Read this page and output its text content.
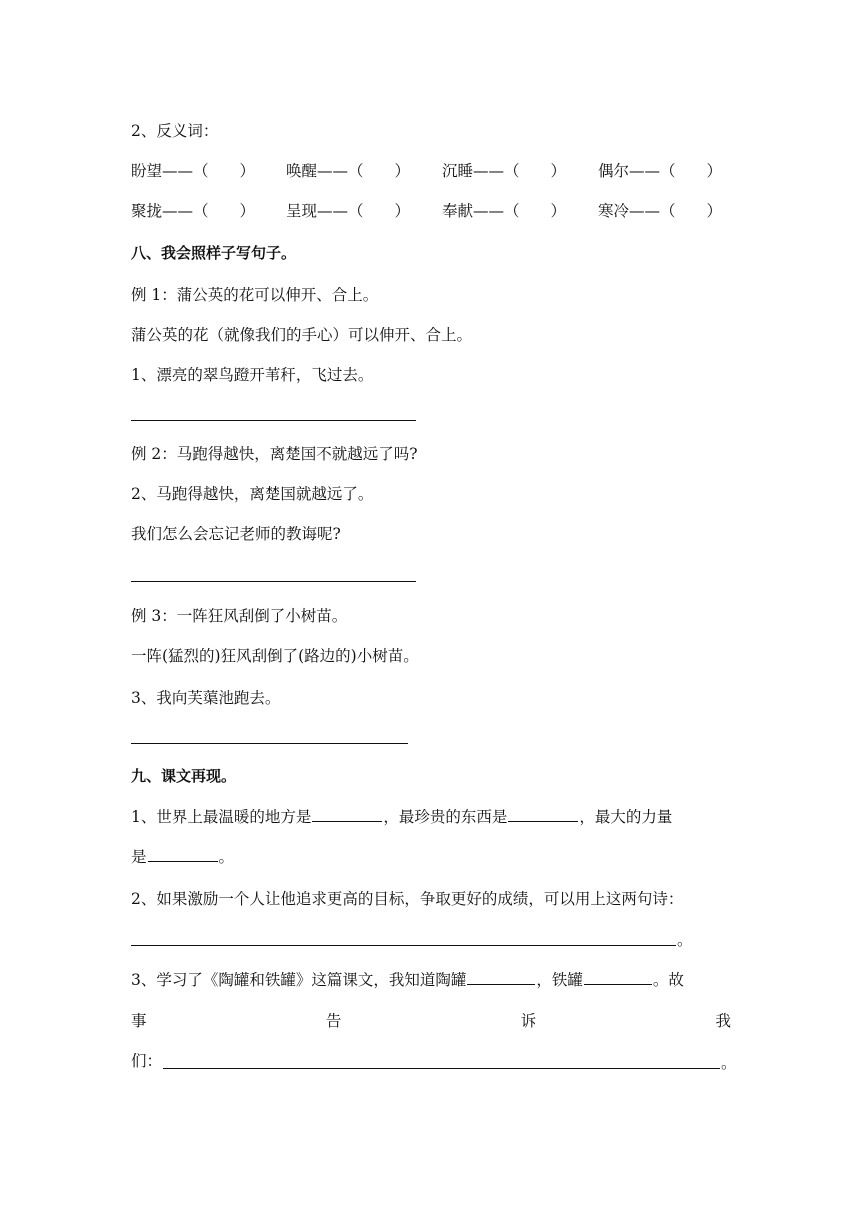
2、反义词：
盼望——（　　） 唤醒——（　　） 沉睡——（　　） 偶尔——（　　）
聚拢——（　　） 呈现——（　　） 奉献——（　　） 寒冷——（　　）
八、我会照样子写句子。
例 1：蒲公英的花可以伸开、合上。
蒲公英的花（就像我们的手心）可以伸开、合上。
1、漂亮的翠鸟蹬开苇秆，飞过去。
例 2：马跑得越快，离楚国不就越远了吗?
2、马跑得越快，离楚国就越远了。
我们怎么会忘记老师的教诲呢?
例 3：一阵狂风刮倒了小树苗。
一阵(猛烈的)狂风刮倒了(路边的)小树苗。
3、我向芙蕖池跑去。
九、课文再现。
1、世界上最温暖的地方是	，最珍贵的东西是	，最大的力量
是	。
2、如果激励一个人让他追求更高的目标，争取更好的成绩，可以用上这两句诗：
。
3、学习了《陶罐和铁罐》这篇课文，我知道陶罐	，铁罐	。故
事	告	诉	我
们：	。
